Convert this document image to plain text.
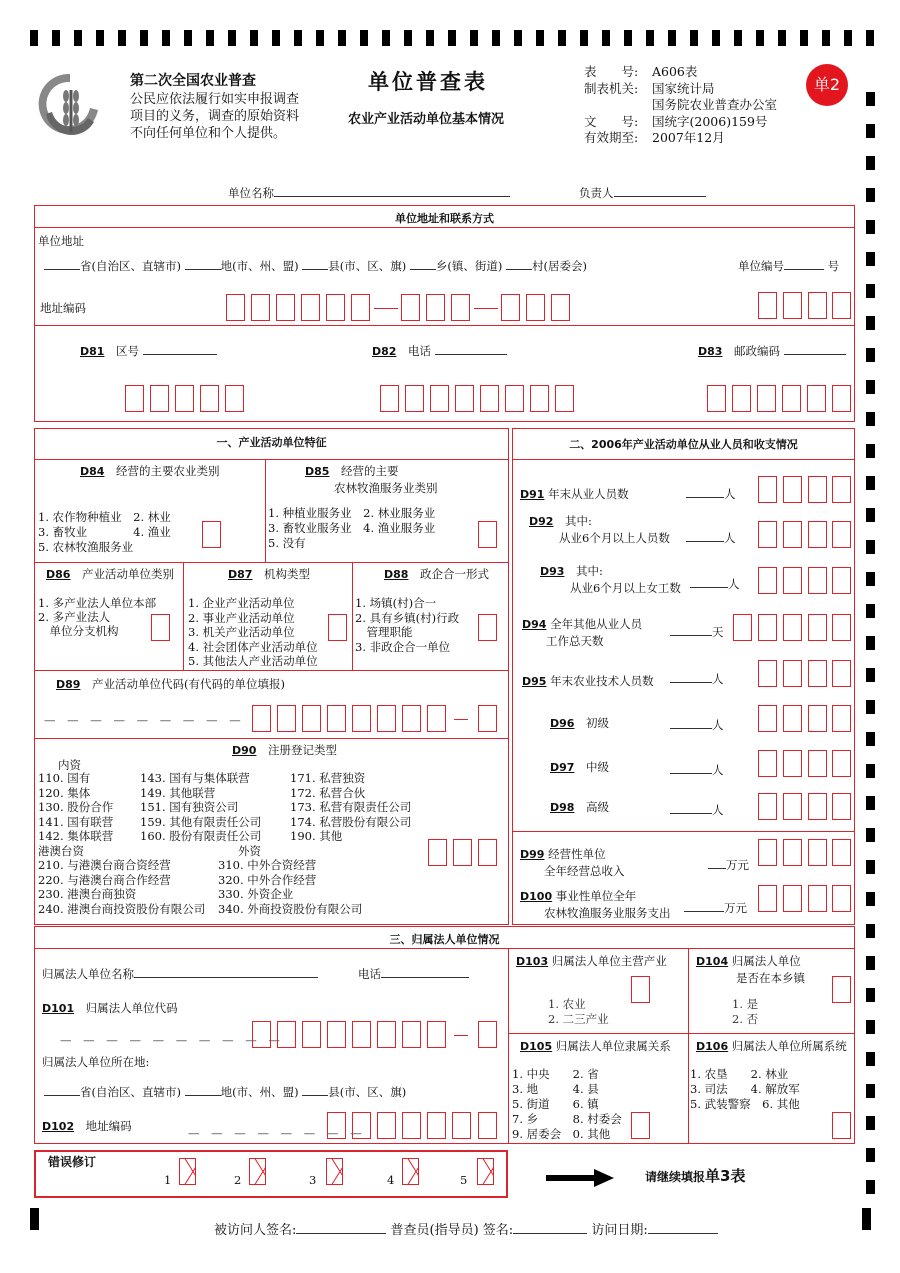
第二次全国农业普查
公民应依法履行如实申报调查
项目的义务，调查的原始资料
不向任何单位和个人提供。
单位普查表
农业产业活动单位基本情况
表　　号: A606表
制表机关: 国家统计局
国务院农业普查办公室
文　　号: 国统字(2006)159号
有效期至: 2007年12月
单2
单位名称	负责人
单位地址和联系方式
单位地址
省(自治区、直辖市)	地(市、州、盟)	县(市、区、旗)	乡(镇、街道)	村(居委会)	单位编号	号
地址编码
D81　 区号	D82　 电话	D83　 邮政编码
一、产业活动单位特征
D84　 经营的主要农业类别
1. 农作物种植业　2. 林业
3. 畜牧业　　　　4. 渔业
5. 农林牧渔服务业
D85　 经营的主要
农林牧渔服务业类别
1. 种植业服务业　2. 林业服务业
3. 畜牧业服务业　4. 渔业服务业
5. 没有
D86　 产业活动单位类别
1. 多产业法人单位本部
2. 多产业法人
　单位分支机构
D87　 机构类型
1. 企业产业活动单位
2. 事业产业活动单位
3. 机关产业活动单位
4. 社会团体产业活动单位
5. 其他法人产业活动单位
D88　 政企合一形式
1. 场镇(村)合一
2. 具有乡镇(村)行政
　管理职能
3. 非政企合一单位
D89　 产业活动单位代码(有代码的单位填报)
— — — — — — — — —
D90　 注册登记类型
内资
110. 国有
120. 集体
130. 股份合作
141. 国有联营
142. 集体联营
143. 国有与集体联营
149. 其他联营
151. 国有独资公司
159. 其他有限责任公司
160. 股份有限责任公司
171. 私营独资
172. 私营合伙
173. 私营有限责任公司
174. 私营股份有限公司
190. 其他
港澳台资	外资
210. 与港澳台商合资经营
220. 与港澳台商合作经营
230. 港澳台商独资
240. 港澳台商投资股份有限公司
310. 中外合资经营
320. 中外合作经营
330. 外资企业
340. 外商投资股份有限公司
二、2006年产业活动单位从业人员和收支情况
D91 年末从业人员数	人
D92　 其中:
从业6个月以上人员数	人
D93　 其中:
从业6个月以上女工数	人
D94 全年其他从业人员
工作总天数
天
D95 年末农业技术人员数	人
D96　 初级	人
D97　 中级	人
D98　 高级	人
D99 经营性单位
全年经营总收入	万元
D100 事业性单位全年
农林牧渔服务业服务支出	万元
三、归属法人单位情况
归属法人单位名称	电话
D101　 归属法人单位代码
— — — — — — — — — —
归属法人单位所在地:
省(自治区、直辖市)	地(市、州、盟)	县(市、区、旗)
D102　 地址编码	— — — — — — — —
D103 归属法人单位主营产业
1. 农业
2. 二三产业
D104 归属法人单位
是否在本乡镇
1. 是
2. 否
D105 归属法人单位隶属关系
1. 中央　　2. 省
3. 地　　　4. 县
5. 街道　　6. 镇
7. 乡　　　8. 村委会
9. 居委会　0. 其他
D106 归属法人单位所属系统
1. 农垦　　2. 林业
3. 司法　　4. 解放军
5. 武装警察　6. 其他
错误修订
1	2	3	4	5	请继续填报单3表
被访问人签名:	普查员(指导员) 签名:	访问日期:
